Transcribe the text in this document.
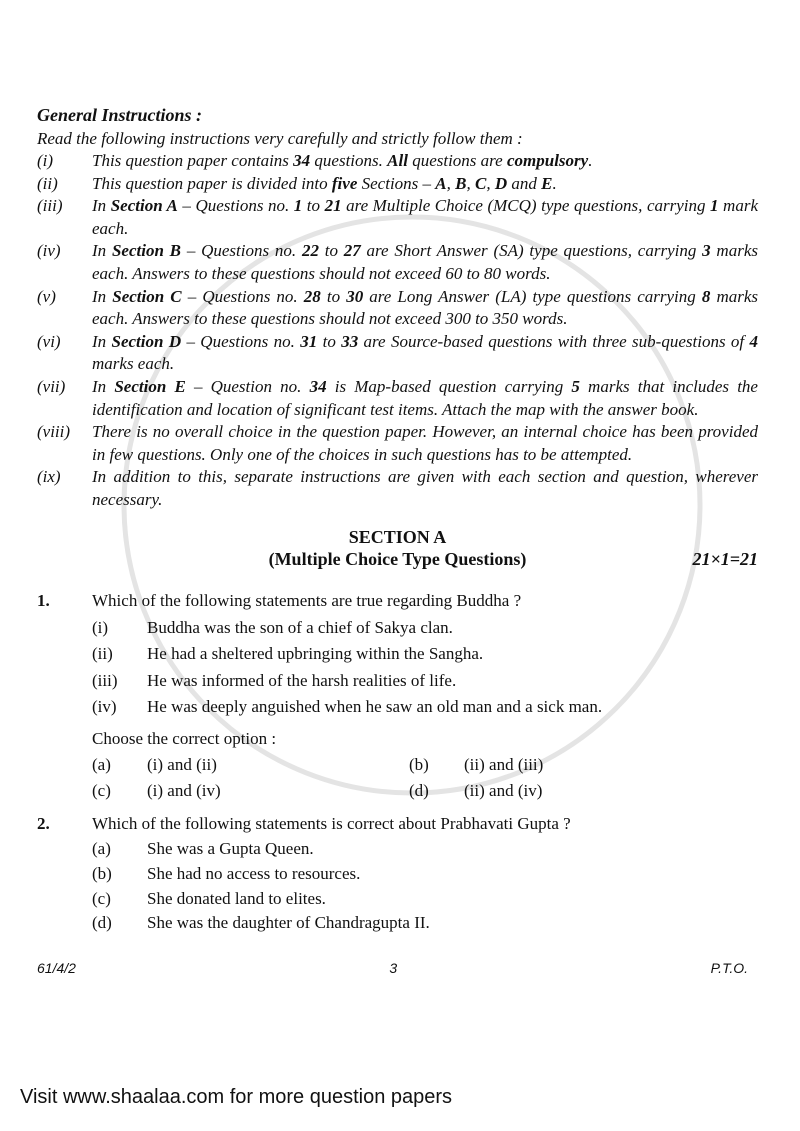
General Instructions :
Read the following instructions very carefully and strictly follow them :
(i)	This question paper contains 34 questions. All questions are compulsory.
(ii)	This question paper is divided into five Sections – A, B, C, D and E.
(iii)	In Section A – Questions no. 1 to 21 are Multiple Choice (MCQ) type questions, carrying 1 mark each.
(iv)	In Section B – Questions no. 22 to 27 are Short Answer (SA) type questions, carrying 3 marks each. Answers to these questions should not exceed 60 to 80 words.
(v)	In Section C – Questions no. 28 to 30 are Long Answer (LA) type questions carrying 8 marks each. Answers to these questions should not exceed 300 to 350 words.
(vi)	In Section D – Questions no. 31 to 33 are Source-based questions with three sub-questions of 4 marks each.
(vii)	In Section E – Question no. 34 is Map-based question carrying 5 marks that includes the identification and location of significant test items. Attach the map with the answer book.
(viii)	There is no overall choice in the question paper. However, an internal choice has been provided in few questions. Only one of the choices in such questions has to be attempted.
(ix)	In addition to this, separate instructions are given with each section and question, wherever necessary.
SECTION A
(Multiple Choice Type Questions)	21×1=21
1.	Which of the following statements are true regarding Buddha ?
(i)	Buddha was the son of a chief of Sakya clan.
(ii)	He had a sheltered upbringing within the Sangha.
(iii)	He was informed of the harsh realities of life.
(iv)	He was deeply anguished when he saw an old man and a sick man.
Choose the correct option :
(a)	(i) and (ii)	(b)	(ii) and (iii)
(c)	(i) and (iv)	(d)	(ii) and (iv)
2.	Which of the following statements is correct about Prabhavati Gupta ?
(a)	She was a Gupta Queen.
(b)	She had no access to resources.
(c)	She donated land to elites.
(d)	She was the daughter of Chandragupta II.
61/4/2	3	P.T.O.
Visit www.shaalaa.com for more question papers
